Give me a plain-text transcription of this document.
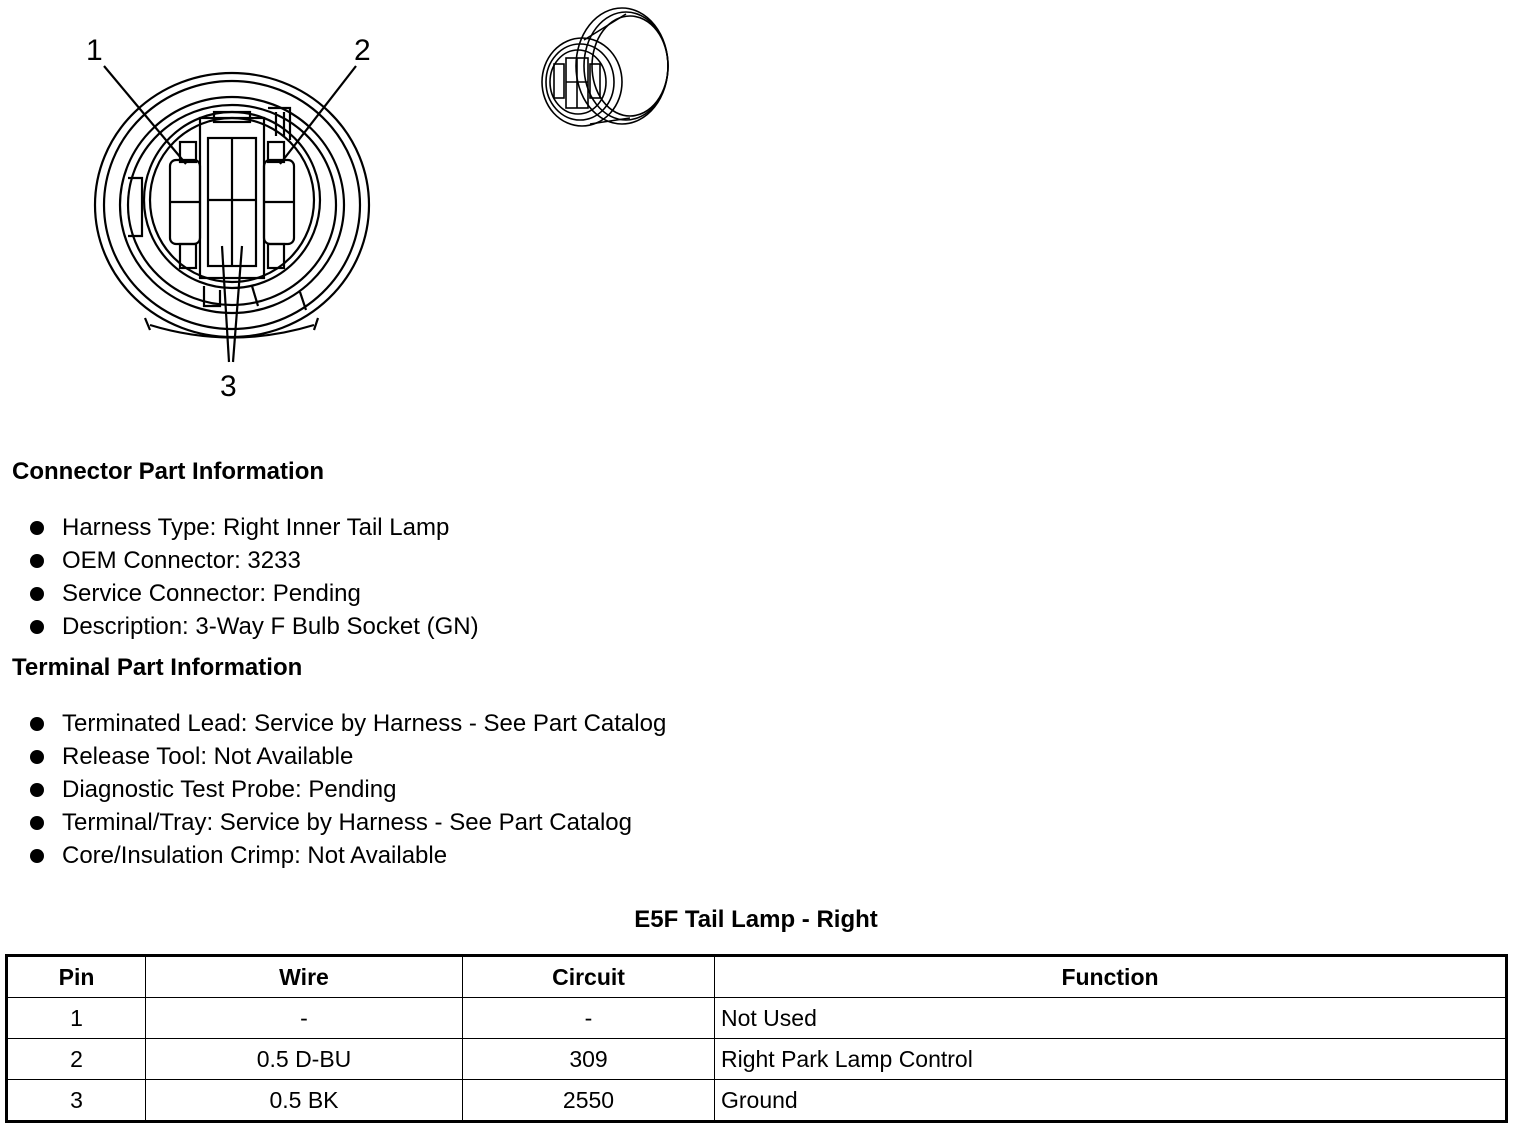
1	2
3
Connector Part Information
Harness Type: Right Inner Tail Lamp
OEM Connector: 3233
Service Connector: Pending
Description: 3-Way F Bulb Socket (GN)
Terminal Part Information
Terminated Lead: Service by Harness - See Part Catalog
Release Tool: Not Available
Diagnostic Test Probe: Pending
Terminal/Tray: Service by Harness - See Part Catalog
Core/Insulation Crimp: Not Available
E5F Tail Lamp - Right
Pin	Wire	Circuit	Function
1	-	-	Not Used
2	0.5 D-BU	309	Right Park Lamp Control
3	0.5 BK	2550	Ground
